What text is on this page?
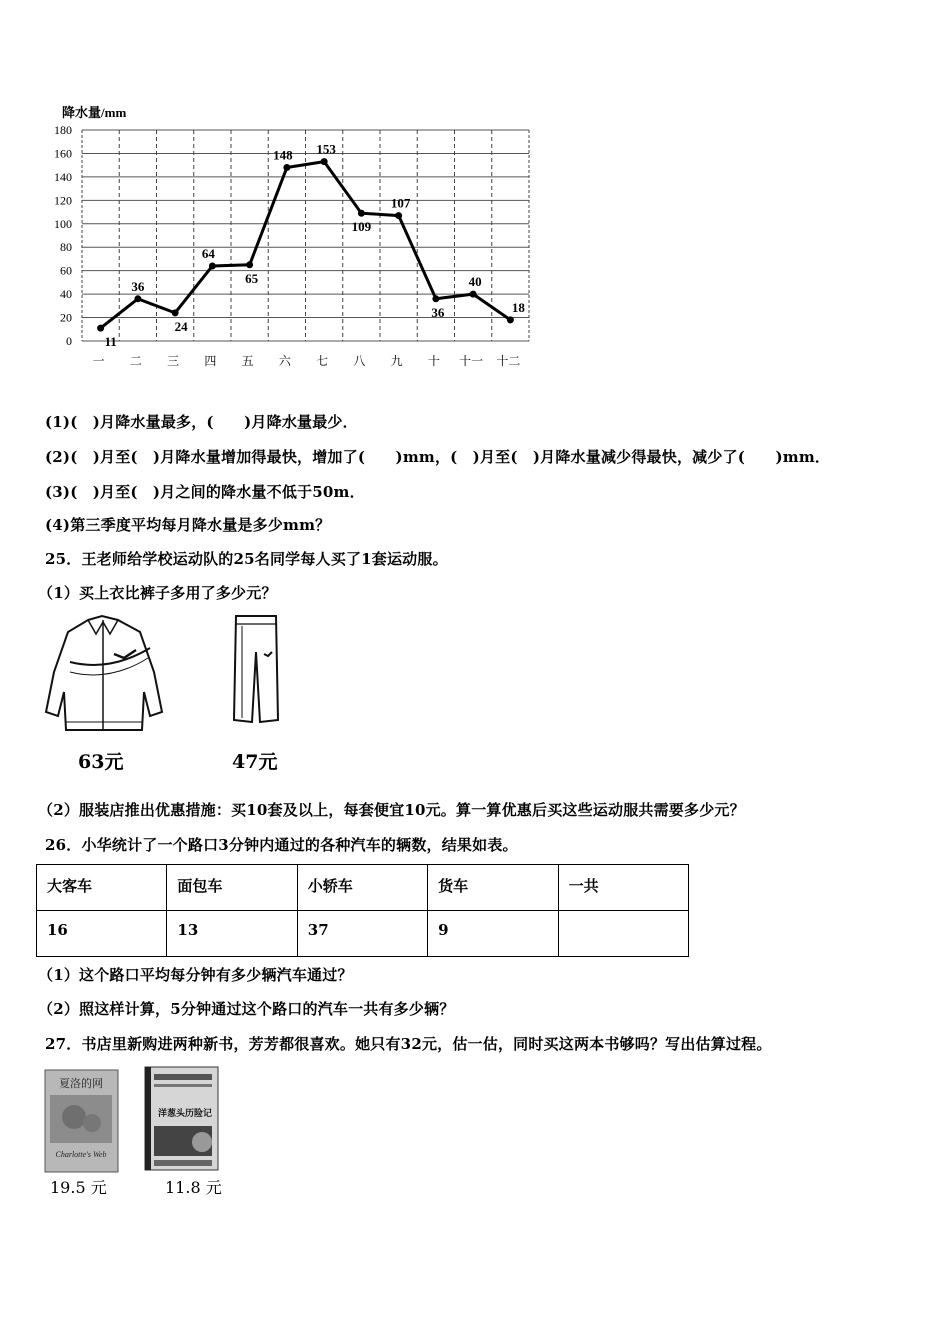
降水量/mm
0
20
40
60
80
100
120
140
160
180
一 二 三 四 五 六 七 八 九 十 十一 十二
11
36
24
64
65
148 153
109
107
36
40
18
(1)(　)月降水量最多，(　　)月降水量最少．
(2)(　)月至(　)月降水量增加得最快，增加了(　　)mm，(　)月至(　)月降水量减少得最快，减少了(　　)mm．
(3)(　)月至(　)月之间的降水量不低于50m．
(4)第三季度平均每月降水量是多少mm？
25．王老师给学校运动队的25名同学每人买了1套运动服。
（1）买上衣比裤子多用了多少元？
63元	47元
（2）服装店推出优惠措施：买10套及以上，每套便宜10元。算一算优惠后买这些运动服共需要多少元？
26．小华统计了一个路口3分钟内通过的各种汽车的辆数，结果如表。
大客车	面包车	小轿车	货车	一共
16	13	37	9	
（1）这个路口平均每分钟有多少辆汽车通过？
（2）照这样计算，5分钟通过这个路口的汽车一共有多少辆？
27．书店里新购进两种新书，芳芳都很喜欢。她只有32元，估一估，同时买这两本书够吗？写出估算过程。
夏洛的网
Charlotte's Web
洋葱头历险记
19.5 元	11.8 元
